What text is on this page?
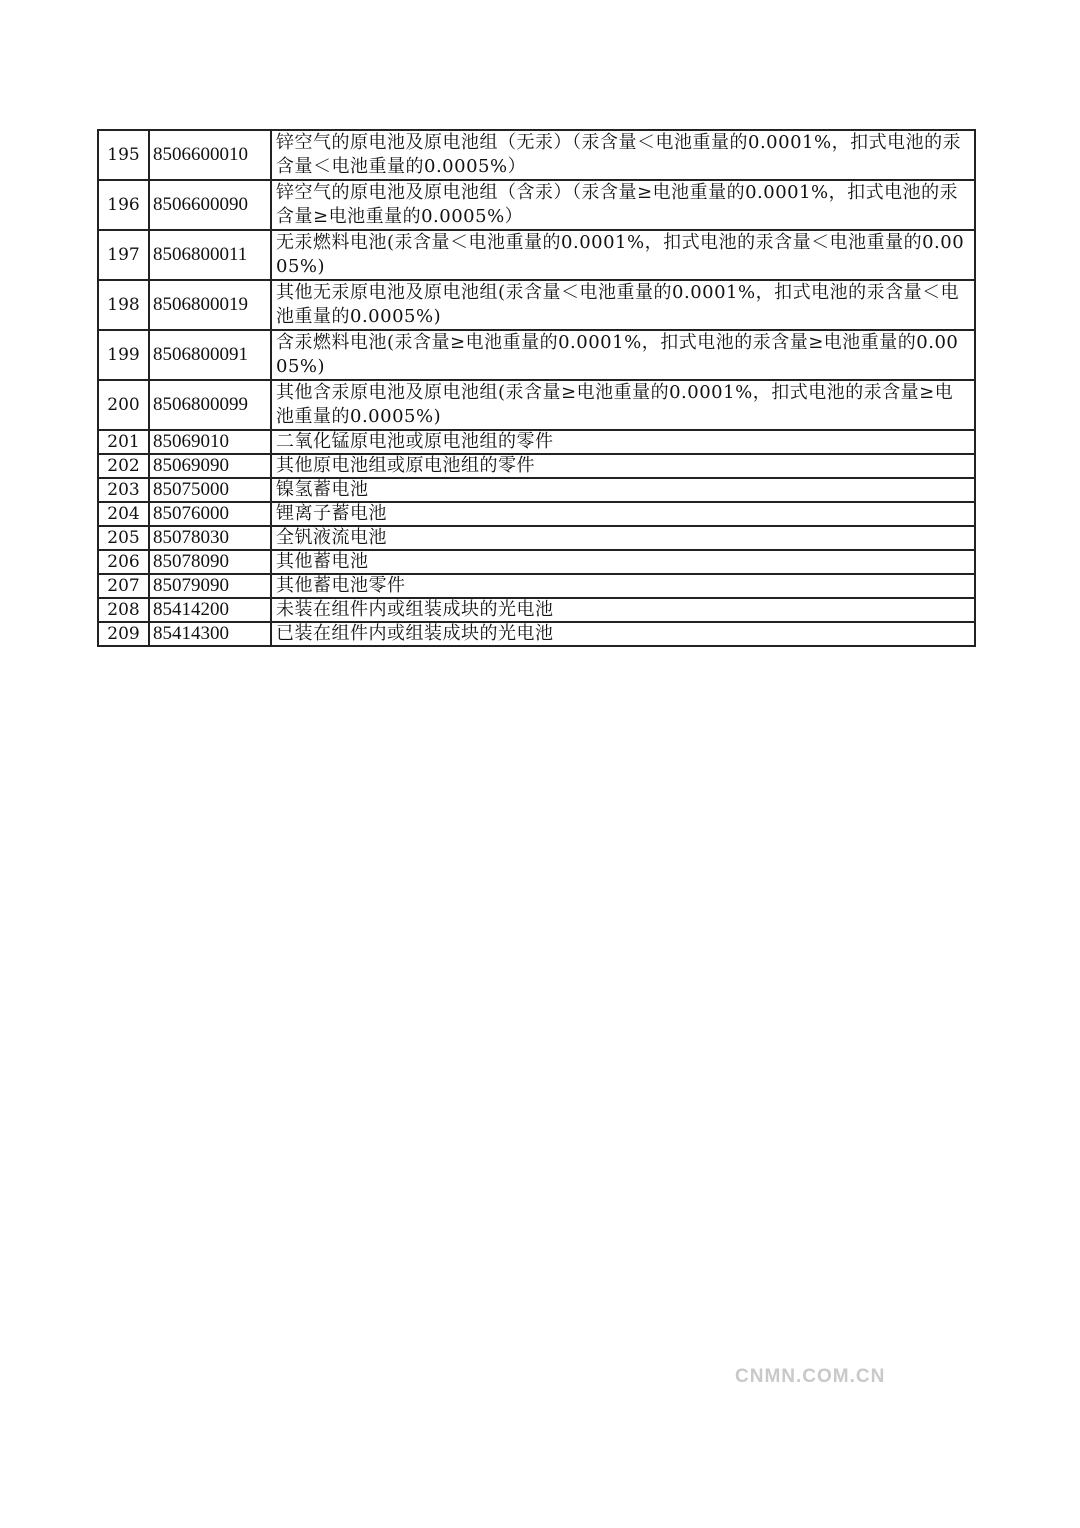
195	8506600010	锌空气的原电池及原电池组（无汞）（汞含量＜电池重量的0.0001%，扣式电池的汞含量＜电池重量的0.0005%）
196	8506600090	锌空气的原电池及原电池组（含汞）（汞含量≥电池重量的0.0001%，扣式电池的汞含量≥电池重量的0.0005%）
197	8506800011	无汞燃料电池(汞含量＜电池重量的0.0001%，扣式电池的汞含量＜电池重量的0.0005%)
198	8506800019	其他无汞原电池及原电池组(汞含量＜电池重量的0.0001%，扣式电池的汞含量＜电池重量的0.0005%)
199	8506800091	含汞燃料电池(汞含量≥电池重量的0.0001%，扣式电池的汞含量≥电池重量的0.0005%)
200	8506800099	其他含汞原电池及原电池组(汞含量≥电池重量的0.0001%，扣式电池的汞含量≥电池重量的0.0005%)
201	85069010	二氧化锰原电池或原电池组的零件
202	85069090	其他原电池组或原电池组的零件
203	85075000	镍氢蓄电池
204	85076000	锂离子蓄电池
205	85078030	全钒液流电池
206	85078090	其他蓄电池
207	85079090	其他蓄电池零件
208	85414200	未装在组件内或组装成块的光电池
209	85414300	已装在组件内或组装成块的光电池
CNMN.COM.CN
